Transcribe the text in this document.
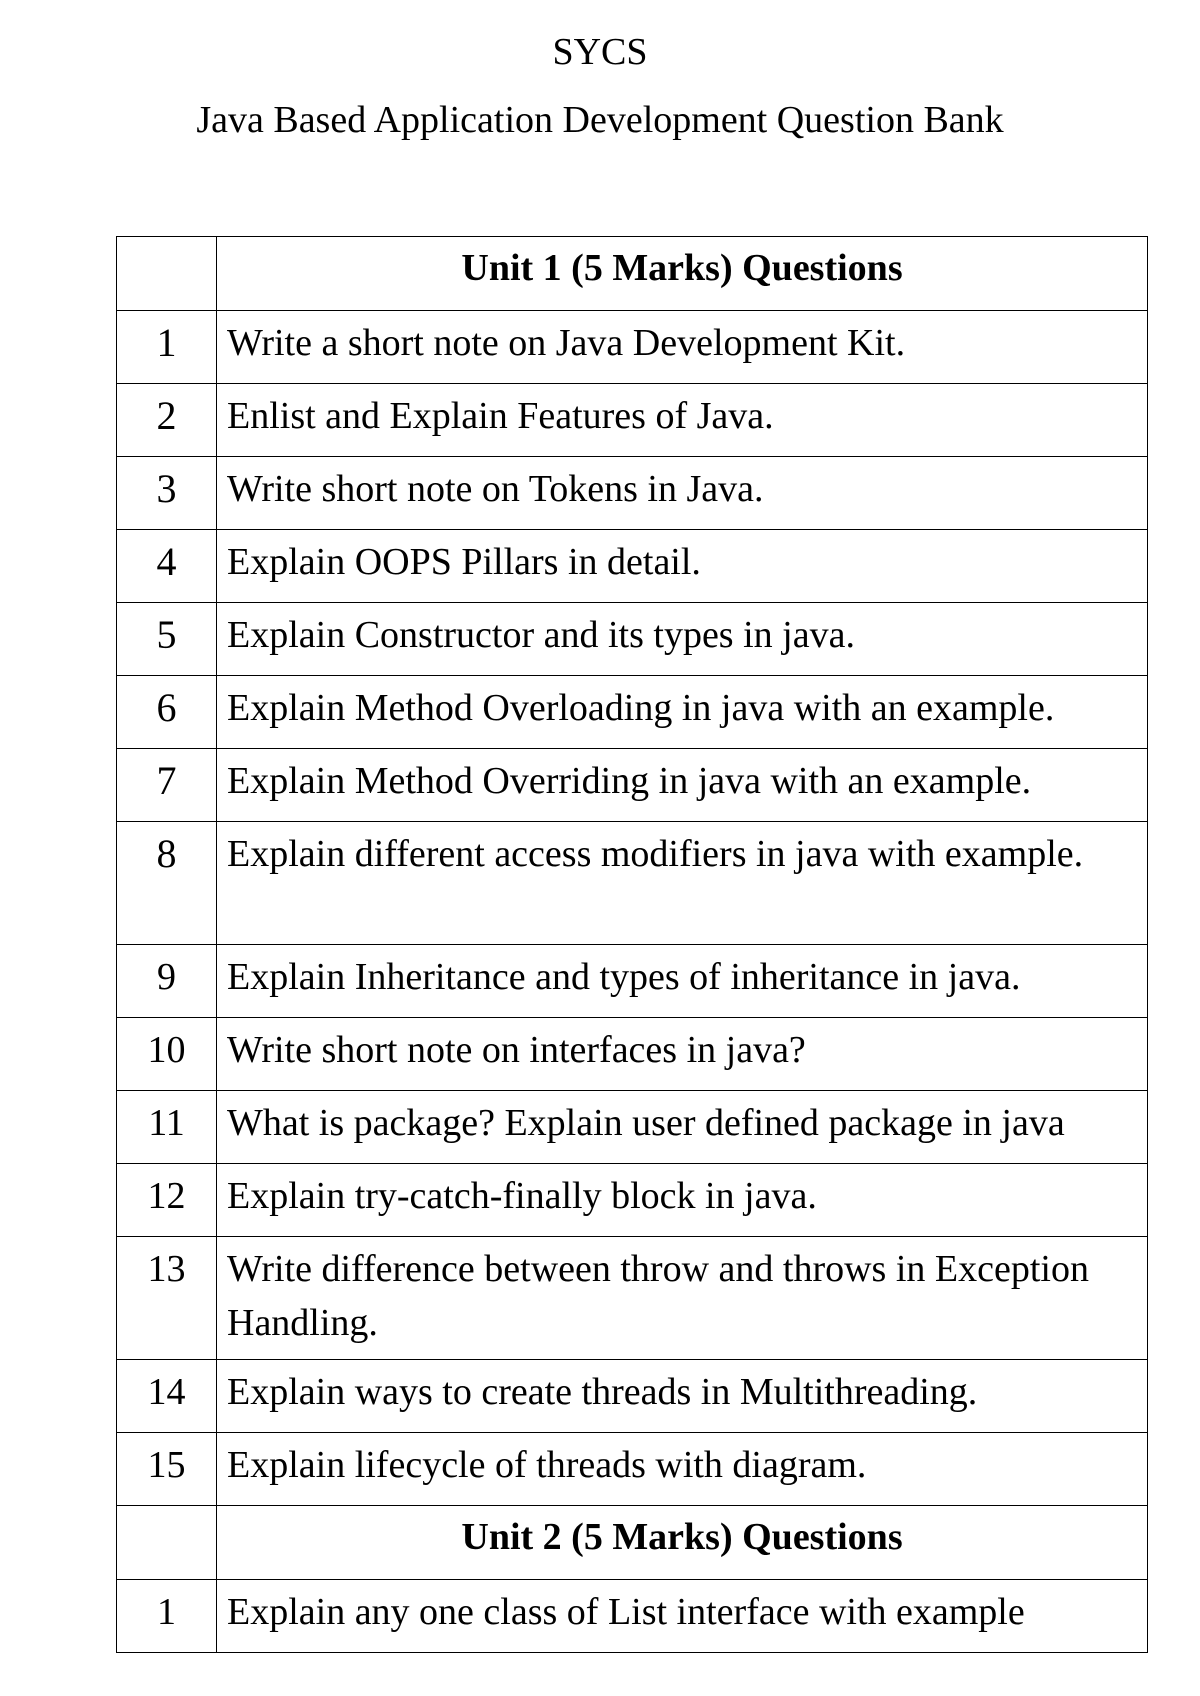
SYCS
Java Based Application Development Question Bank
	Unit 1 (5 Marks) Questions
1	Write a short note on Java Development Kit.
2	Enlist and Explain Features of Java.
3	Write short note on Tokens in Java.
4	Explain OOPS Pillars in detail.
5	Explain Constructor and its types in java.
6	Explain Method Overloading in java with an example.
7	Explain Method Overriding in java with an example.
8	Explain different access modifiers in java with example.
9	Explain Inheritance and types of inheritance in java.
10	Write short note on interfaces in java?
11	What is package? Explain user defined package in java
12	Explain try-catch-finally block in java.
13	Write difference between throw and throws in Exception Handling.
14	Explain ways to create threads in Multithreading.
15	Explain lifecycle of threads with diagram.
	Unit 2 (5 Marks) Questions
1	Explain any one class of List interface with example
